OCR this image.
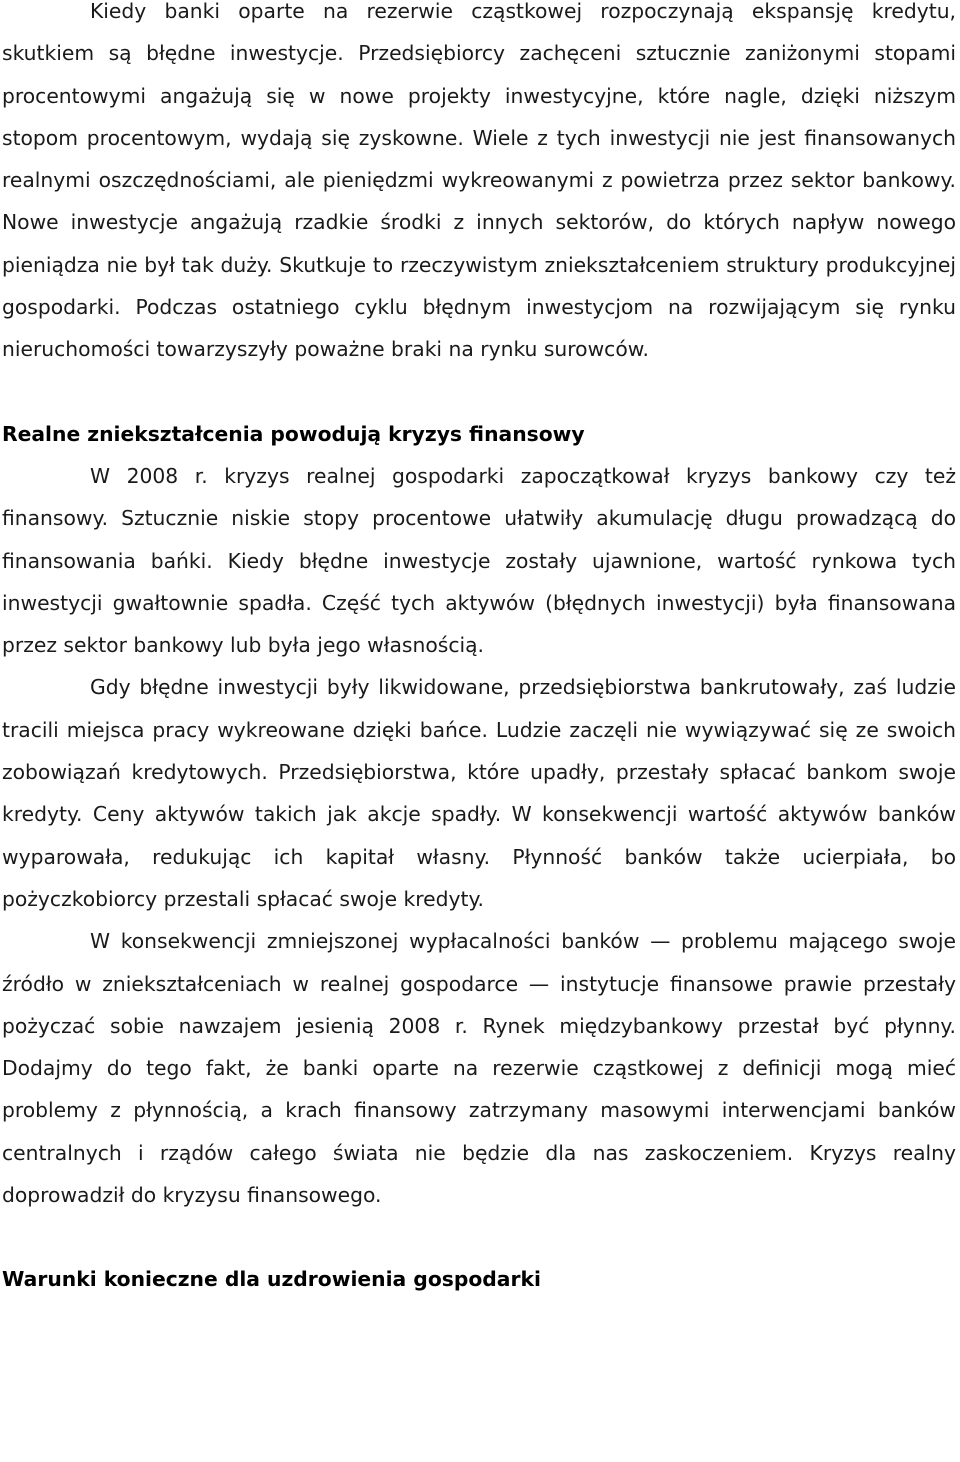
Kiedy banki oparte na rezerwie cząstkowej rozpoczynają ekspansję kredytu, skutkiem są błędne inwestycje. Przedsiębiorcy zachęceni sztucznie zaniżonymi stopami procentowymi angażują się w nowe projekty inwestycyjne, które nagle, dzięki niższym stopom procentowym, wydają się zyskowne. Wiele z tych inwestycji nie jest finansowanych realnymi oszczędnościami, ale pieniędzmi wykreowanymi z powietrza przez sektor bankowy. Nowe inwestycje angażują rzadkie środki z innych sektorów, do których napływ nowego pieniądza nie był tak duży. Skutkuje to rzeczywistym zniekształceniem struktury produkcyjnej gospodarki. Podczas ostatniego cyklu błędnym inwestycjom na rozwijającym się rynku nieruchomości towarzyszyły poważne braki na rynku surowców.

Realne zniekształcenia powodują kryzys finansowy

W 2008 r. kryzys realnej gospodarki zapoczątkował kryzys bankowy czy też finansowy. Sztucznie niskie stopy procentowe ułatwiły akumulację długu prowadzącą do finansowania bańki. Kiedy błędne inwestycje zostały ujawnione, wartość rynkowa tych inwestycji gwałtownie spadła. Część tych aktywów (błędnych inwestycji) była finansowana przez sektor bankowy lub była jego własnością.

Gdy błędne inwestycji były likwidowane, przedsiębiorstwa bankrutowały, zaś ludzie tracili miejsca pracy wykreowane dzięki bańce. Ludzie zaczęli nie wywiązywać się ze swoich zobowiązań kredytowych. Przedsiębiorstwa, które upadły, przestały spłacać bankom swoje kredyty. Ceny aktywów takich jak akcje spadły. W konsekwencji wartość aktywów banków wyparowała, redukując ich kapitał własny. Płynność banków także ucierpiała, bo pożyczkobiorcy przestali spłacać swoje kredyty.

W konsekwencji zmniejszonej wypłacalności banków — problemu mającego swoje źródło w zniekształceniach w realnej gospodarce — instytucje finansowe prawie przestały pożyczać sobie nawzajem jesienią 2008 r. Rynek międzybankowy przestał być płynny. Dodajmy do tego fakt, że banki oparte na rezerwie cząstkowej z definicji mogą mieć problemy z płynnością, a krach finansowy zatrzymany masowymi interwencjami banków centralnych i rządów całego świata nie będzie dla nas zaskoczeniem. Kryzys realny doprowadził do kryzysu finansowego.

Warunki konieczne dla uzdrowienia gospodarki
